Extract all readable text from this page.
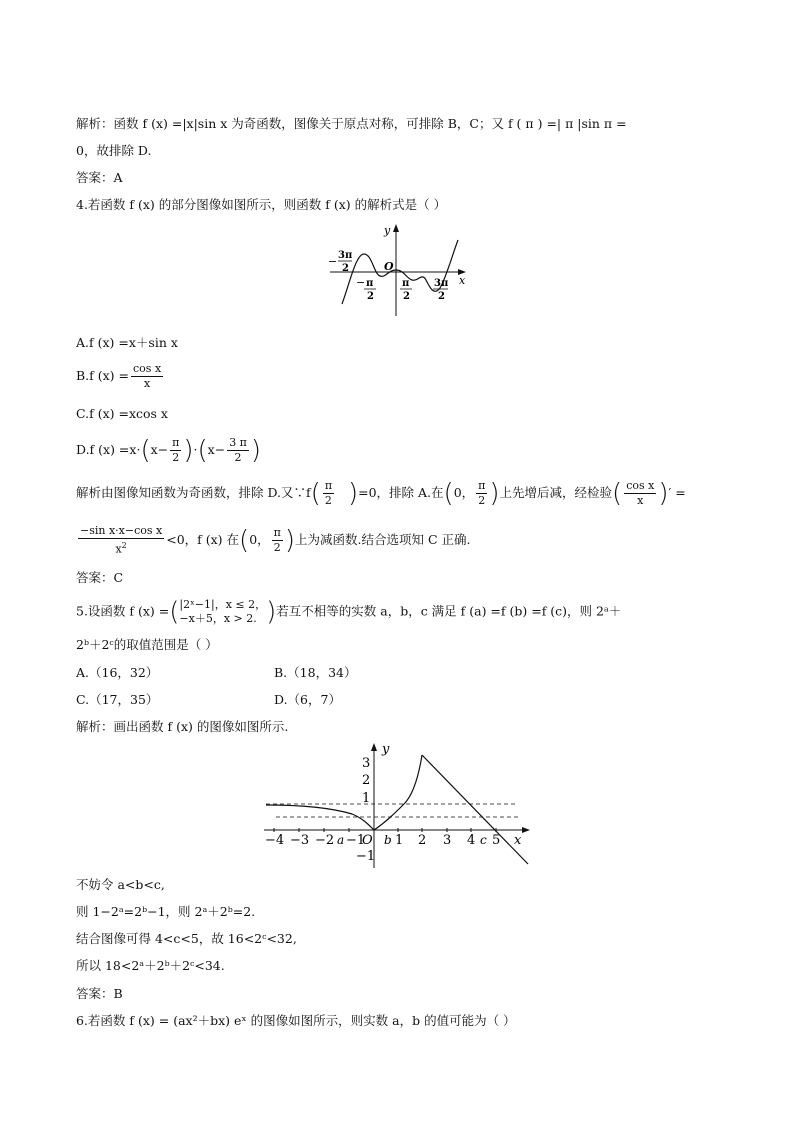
解析：函数 f (x) =|x|sin x 为奇函数，图像关于原点对称，可排除 B，C；又 f ( π ) =| π |sin π =
0，故排除 D.
答案：A
4.若函数 f (x) 的部分图像如图所示，则函数 f (x) 的解析式是（ ）
y
x
O
− 3π
2
− π
2
π
2
3π
2
A.f (x) =x＋sin x
B.f $(x) = \frac{\text{cos x}}{x}$
C.f (x) =xcos x
D.f $(x) =x\cdot(x- \frac{\pi}{2} )\cdot(x- \frac{3 \pi}{2}$ )
解析由图像知函数为奇函数，排除 D.又∵f( $\frac{\pi}{2} )=0$，排除 A.在(0， $\frac{\pi}{2}$ )上先增后减，经检验( $\frac{\text{cos x}}{x}$ )′ =
$\frac{\text{−sin x·x−cos x}}{x^2} <0$，f (x) 在(0， $\frac{\pi}{2}$ )上为减函数.结合选项知 C 正确.
答案：C
5.设函数 f (x) =( |2ˣ−1|，x ≤ 2，
−x＋5，x > 2. )若互不相等的实数 a，b，c 满足 f (a) =f (b) =f (c)，则 2ᵃ＋
2ᵇ＋2ᶜ的取值范围是（ ）
A.（16，32）	B.（18，34）
C.（17，35）	D.（6，7）
解析：画出函数 f (x) 的图像如图所示.
−4 −3 −2 −1 1 2 3 4 5
a	b	c
O
3
2
1
−1
y
x
不妨令 a<b<c,
则 1−2ᵃ=2ᵇ−1，则 2ᵃ＋2ᵇ=2.
结合图像可得 4<c<5，故 16<2ᶜ<32,
所以 18<2ᵃ＋2ᵇ＋2ᶜ<34.
答案：B
6.若函数 f (x) = (ax²＋bx) eˣ 的图像如图所示，则实数 a，b 的值可能为（ ）
